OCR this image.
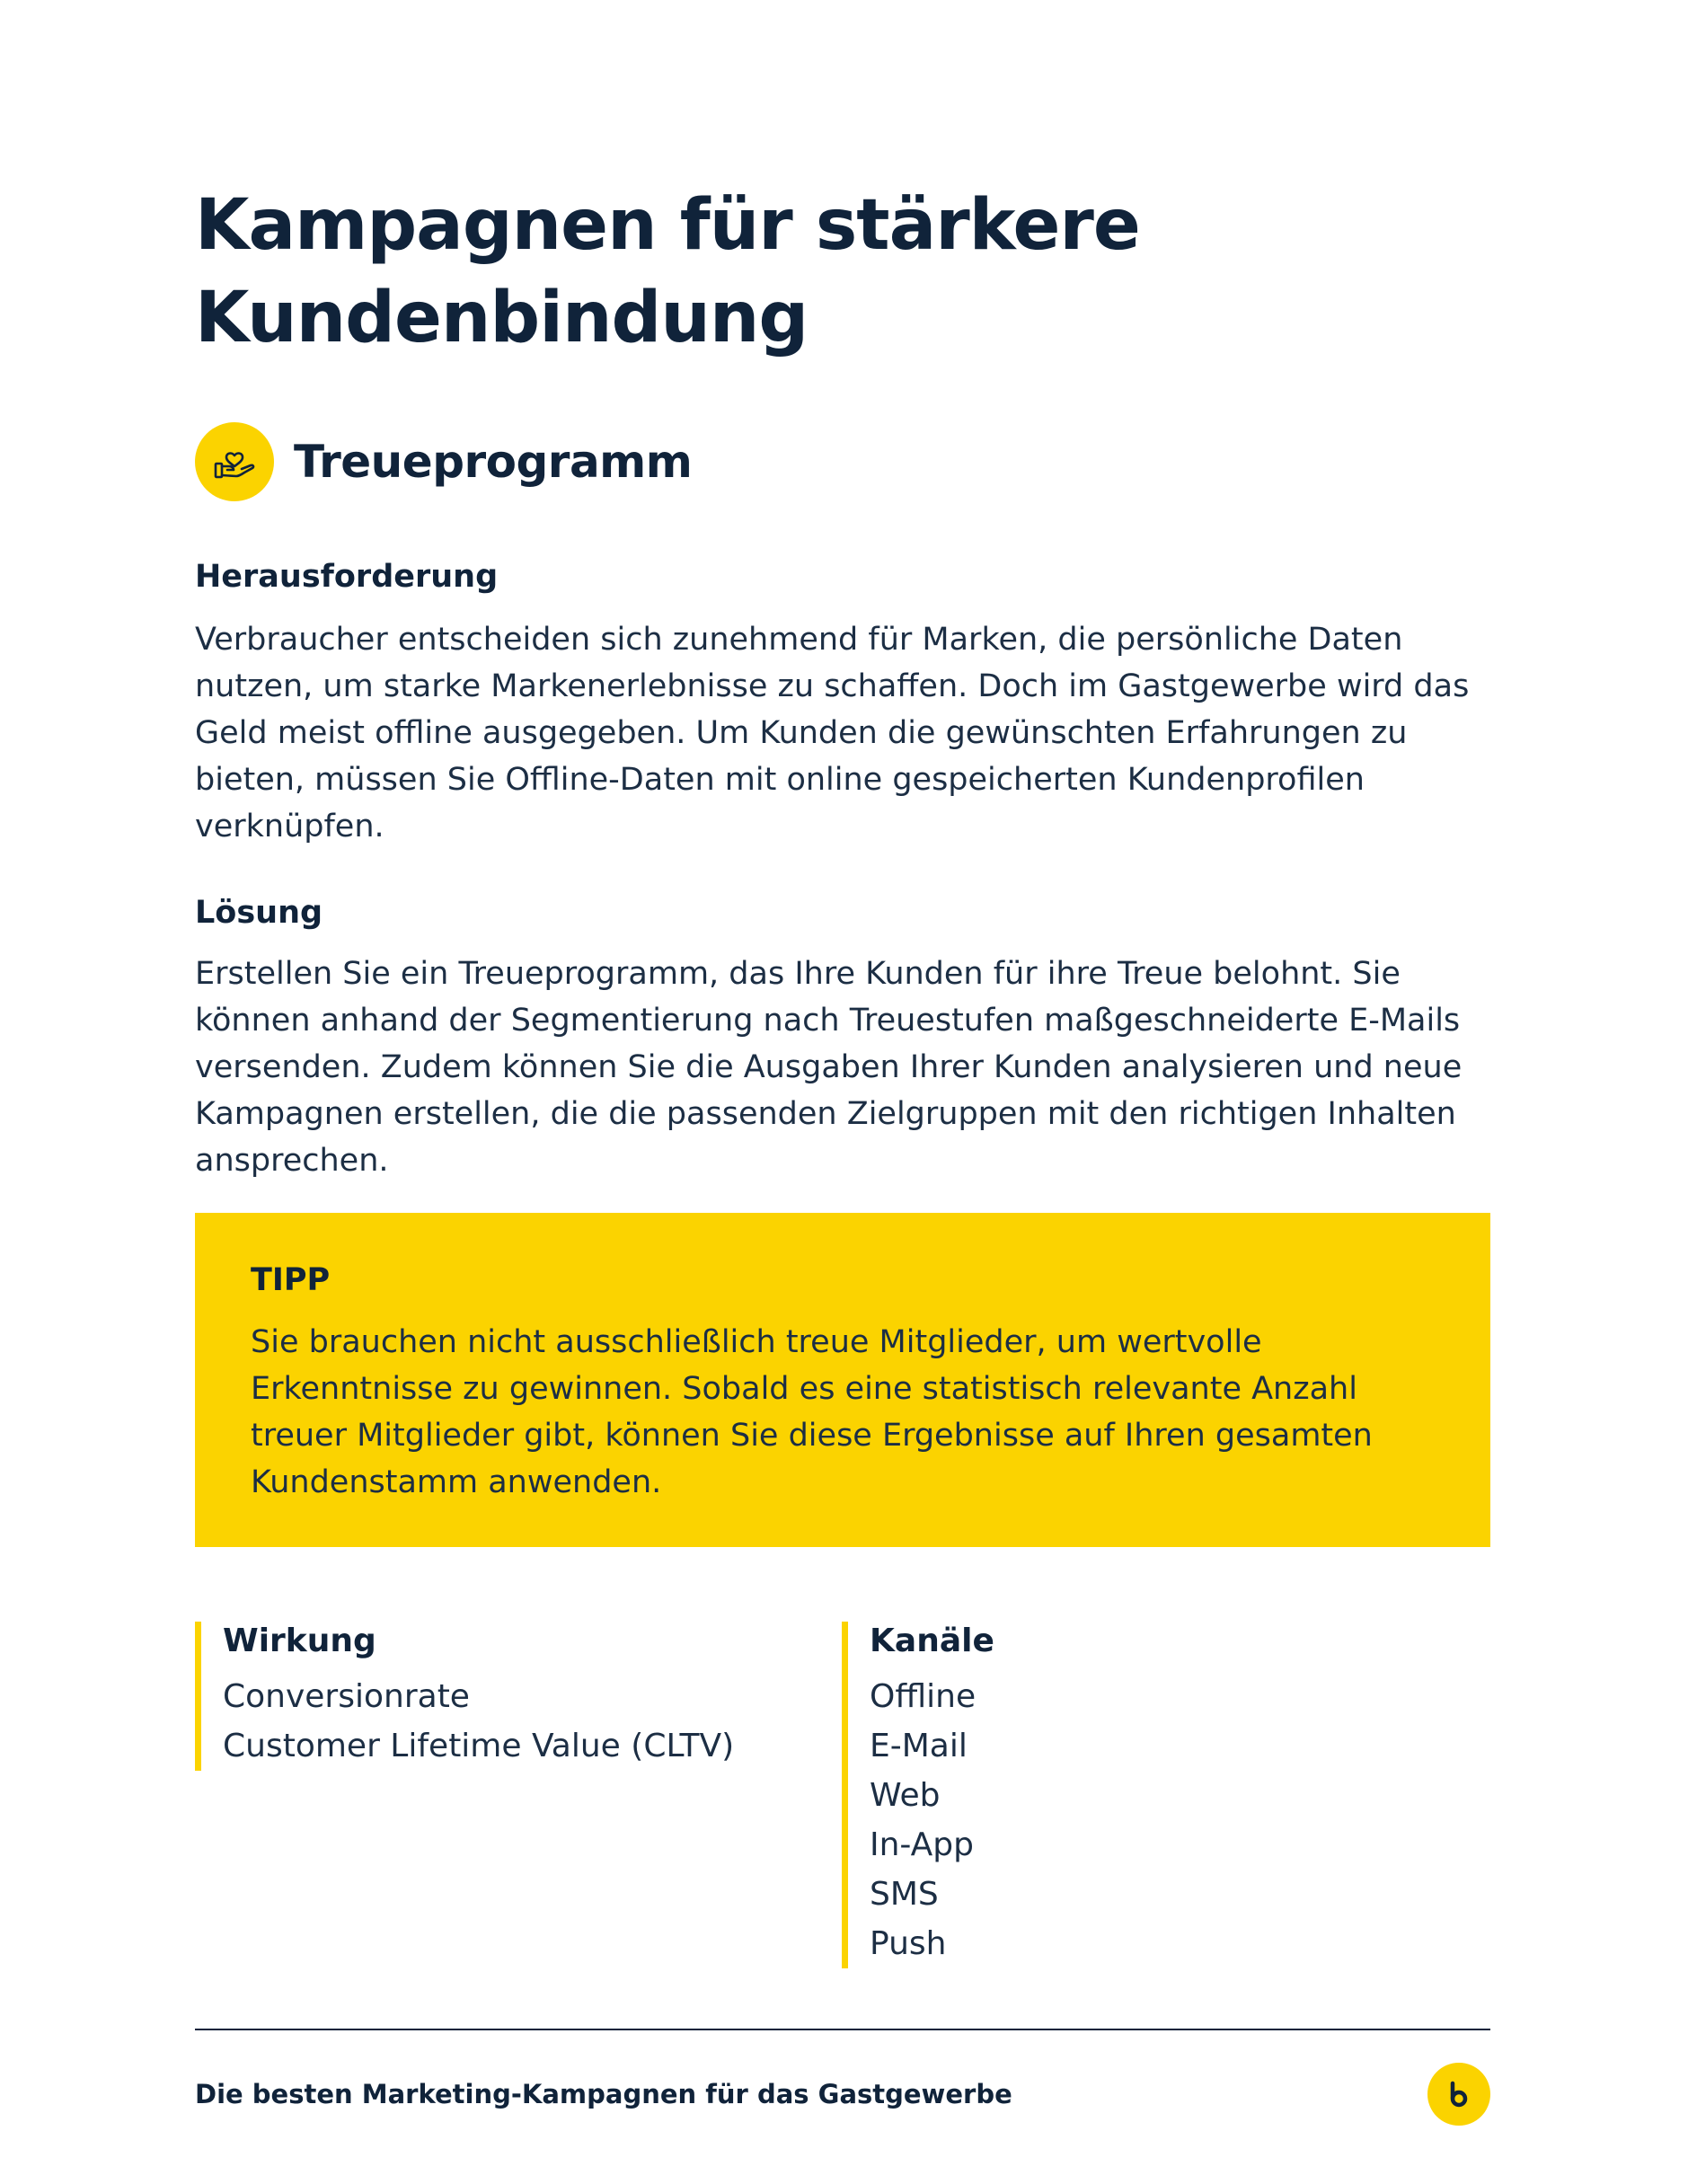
Kampagnen für stärkere
Kundenbindung
Treueprogramm
Herausforderung

Verbraucher entscheiden sich zunehmend für Marken, die persönliche Daten nutzen, um starke Markenerlebnisse zu schaffen. Doch im Gastgewerbe wird das Geld meist offline ausgegeben. Um Kunden die gewünschten Erfahrungen zu bieten, müssen Sie Offline-Daten mit online gespeicherten Kundenprofilen verknüpfen.

Lösung

Erstellen Sie ein Treueprogramm, das Ihre Kunden für ihre Treue belohnt. Sie können anhand der Segmentierung nach Treuestufen maßgeschneiderte E-Mails versenden. Zudem können Sie die Ausgaben Ihrer Kunden analysieren und neue Kampagnen erstellen, die die passenden Zielgruppen mit den richtigen Inhalten ansprechen.

TIPP

Sie brauchen nicht ausschließlich treue Mitglieder, um wertvolle Erkenntnisse zu gewinnen. Sobald es eine statistisch relevante Anzahl treuer Mitglieder gibt, können Sie diese Ergebnisse auf Ihren gesamten Kundenstamm anwenden.

Wirkung
Conversionrate
Customer Lifetime Value (CLTV)
Kanäle
Offline
E-Mail
Web
In-App
SMS
Push

Die besten Marketing-Kampagnen für das Gastgewerbe
